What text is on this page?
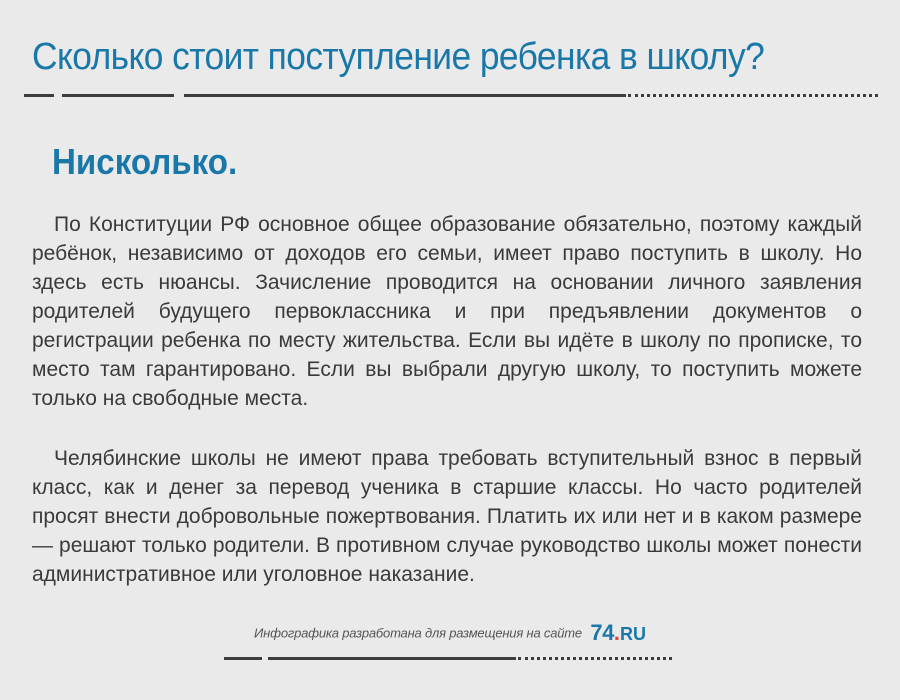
Сколько стоит поступление ребенка в школу?
Нисколько.

По Конституции РФ основное общее образование обязательно, поэтому каждый ребёнок, независимо от доходов его семьи, имеет право поступить в школу. Но здесь есть нюансы. Зачисление проводится на основании личного заявления родителей будущего первоклассника и при предъявлении документов о регистрации ребенка по месту жительства. Если вы идёте в школу по прописке, то место там гарантировано. Если вы выбрали другую школу, то поступить можете только на свободные места.

Челябинские школы не имеют права требовать вступительный взнос в первый класс, как и денег за перевод ученика в старшие классы. Но часто родителей просят внести добровольные пожертвования. Платить их или нет и в каком размере — решают только родители. В противном случае руководство школы может понести административное или уголовное наказание.

Инфографика разработана для размещения на сайте 74.RU
